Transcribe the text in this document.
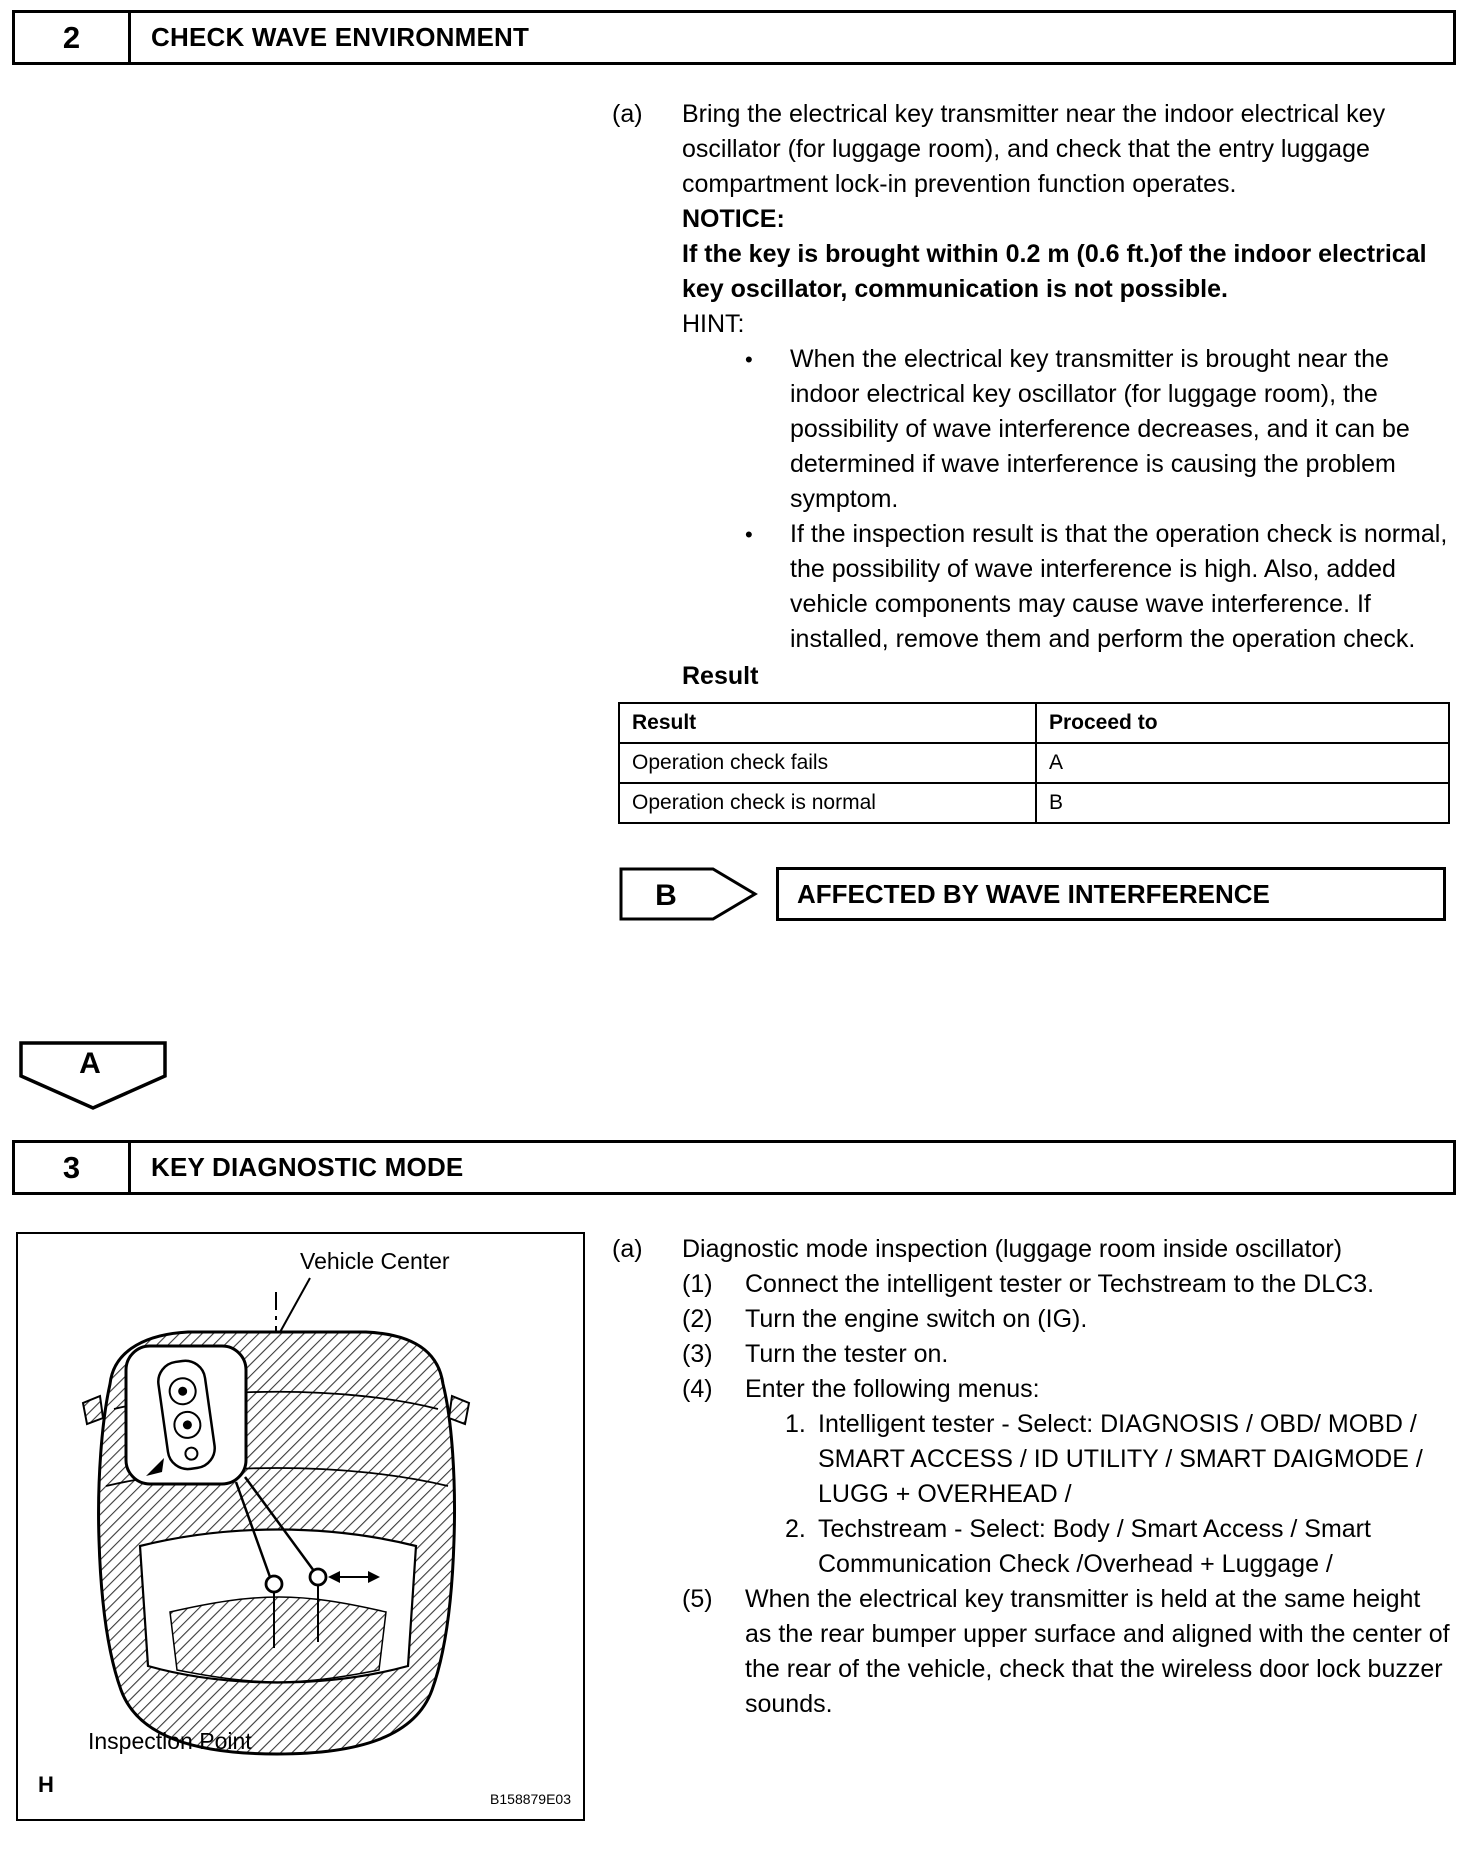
2	CHECK WAVE ENVIRONMENT
(a)	Bring the electrical key transmitter near the indoor electrical key oscillator (for luggage room), and check that the entry luggage compartment lock-in prevention function operates.
NOTICE:
If the key is brought within 0.2 m (0.6 ft.)of the indoor electrical key oscillator, communication is not possible.
HINT:
•	When the electrical key transmitter is brought near the indoor electrical key oscillator (for luggage room), the possibility of wave interference decreases, and it can be determined if wave interference is causing the problem symptom.
•	If the inspection result is that the operation check is normal, the possibility of wave interference is high. Also, added vehicle components may cause wave interference. If installed, remove them and perform the operation check.
Result
Result	Proceed to
Operation check fails	A
Operation check is normal	B
B	AFFECTED BY WAVE INTERFERENCE
A
3	KEY DIAGNOSTIC MODE
Vehicle Center
Inspection Point
H
B158879E03
(a)	Diagnostic mode inspection (luggage room inside oscillator)
(1)	Connect the intelligent tester or Techstream to the DLC3.
(2)	Turn the engine switch on (IG).
(3)	Turn the tester on.
(4)	Enter the following menus:
1. Intelligent tester - Select: DIAGNOSIS / OBD/ MOBD / SMART ACCESS / ID UTILITY / SMART DAIGMODE / LUGG + OVERHEAD /
2. Techstream - Select: Body / Smart Access / Smart Communication Check /Overhead + Luggage /
(5)	When the electrical key transmitter is held at the same height as the rear bumper upper surface and aligned with the center of the rear of the vehicle, check that the wireless door lock buzzer sounds.
